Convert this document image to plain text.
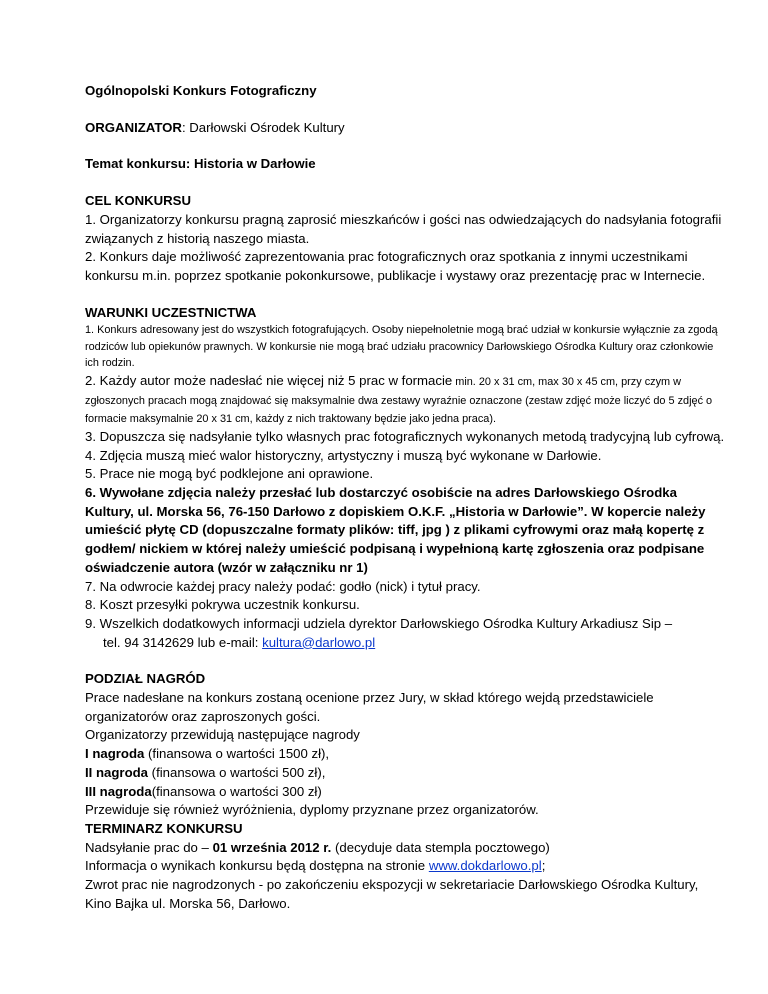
Ogólnopolski Konkurs Fotograficzny

ORGANIZATOR: Darłowski Ośrodek Kultury

Temat konkursu: Historia w Darłowie

CEL KONKURSU

1. Organizatorzy konkursu pragną zaprosić mieszkańców i gości nas odwiedzających do nadsyłania fotografii związanych z historią naszego miasta.

2. Konkurs daje możliwość zaprezentowania prac fotograficznych oraz spotkania z innymi uczestnikami konkursu m.in. poprzez spotkanie pokonkursowe, publikacje i wystawy oraz prezentację prac w Internecie.

WARUNKI UCZESTNICTWA

1. Konkurs adresowany jest do wszystkich fotografujących. Osoby niepełnoletnie mogą brać udział w konkursie wyłącznie za zgodą rodziców lub opiekunów prawnych. W konkursie nie mogą brać udziału pracownicy Darłowskiego Ośrodka Kultury oraz członkowie ich rodzin.

2. Każdy autor może nadesłać nie więcej niż 5 prac w formacie min. 20 x 31 cm, max 30 x 45 cm, przy czym w zgłoszonych pracach mogą znajdować się maksymalnie dwa zestawy wyraźnie oznaczone (zestaw zdjęć może liczyć do 5 zdjęć o formacie maksymalnie 20 x 31 cm, każdy z nich traktowany będzie jako jedna praca).

3. Dopuszcza się nadsyłanie tylko własnych prac fotograficznych wykonanych metodą tradycyjną lub cyfrową.

4. Zdjęcia muszą mieć walor historyczny, artystyczny i muszą być wykonane w Darłowie.

5. Prace nie mogą być podklejone ani oprawione.

6. Wywołane zdjęcia należy przesłać lub dostarczyć osobiście na adres Darłowskiego Ośrodka Kultury, ul. Morska 56, 76-150 Darłowo z dopiskiem O.K.F. „Historia w Darłowie”. W kopercie należy umieścić płytę CD (dopuszczalne formaty plików: tiff, jpg ) z plikami cyfrowymi oraz małą kopertę z godłem/ nickiem w której należy umieścić podpisaną i wypełnioną kartę zgłoszenia oraz podpisane oświadczenie autora (wzór w załączniku nr 1)

7. Na odwrocie każdej pracy należy podać: godło (nick) i tytuł pracy.

8. Koszt przesyłki pokrywa uczestnik konkursu.

9. Wszelkich dodatkowych informacji udziela dyrektor Darłowskiego Ośrodka Kultury Arkadiusz Sip –

tel. 94 3142629 lub e-mail: kultura@darlowo.pl

PODZIAŁ NAGRÓD

Prace nadesłane na konkurs zostaną ocenione przez Jury, w skład którego wejdą przedstawiciele organizatorów oraz zaproszonych gości.

Organizatorzy przewidują następujące nagrody

I nagroda (finansowa o wartości 1500 zł),

II nagroda (finansowa o wartości 500 zł),

III nagroda(finansowa o wartości 300 zł)

Przewiduje się również wyróżnienia, dyplomy przyznane przez organizatorów.

TERMINARZ KONKURSU

Nadsyłanie prac do – 01 września 2012 r. (decyduje data stempla pocztowego)

Informacja o wynikach konkursu będą dostępna na stronie www.dokdarlowo.pl;

Zwrot prac nie nagrodzonych - po zakończeniu ekspozycji w sekretariacie Darłowskiego Ośrodka Kultury, Kino Bajka ul. Morska 56, Darłowo.
